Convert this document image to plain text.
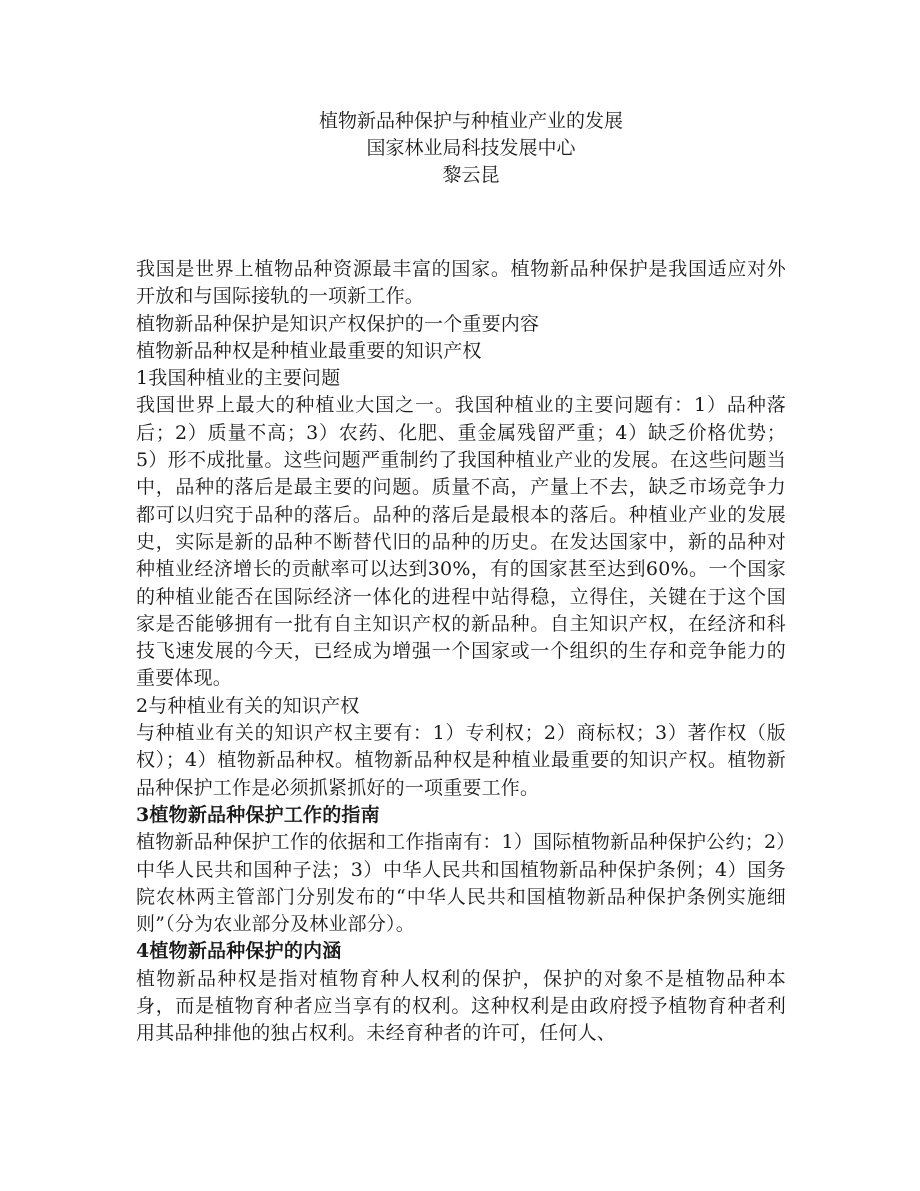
植物新品种保护与种植业产业的发展
国家林业局科技发展中心
黎云昆

我国是世界上植物品种资源最丰富的国家。植物新品种保护是我国适应对外开放和与国际接轨的一项新工作。

植物新品种保护是知识产权保护的一个重要内容

植物新品种权是种植业最重要的知识产权

1我国种植业的主要问题

我国世界上最大的种植业大国之一。我国种植业的主要问题有：1）品种落后；2）质量不高；3）农药、化肥、重金属残留严重；4）缺乏价格优势；5）形不成批量。这些问题严重制约了我国种植业产业的发展。在这些问题当中，品种的落后是最主要的问题。质量不高，产量上不去，缺乏市场竞争力都可以归究于品种的落后。品种的落后是最根本的落后。种植业产业的发展史，实际是新的品种不断替代旧的品种的历史。在发达国家中，新的品种对种植业经济增长的贡献率可以达到30%，有的国家甚至达到60%。一个国家的种植业能否在国际经济一体化的进程中站得稳，立得住，关键在于这个国家是否能够拥有一批有自主知识产权的新品种。自主知识产权，在经济和科技飞速发展的今天，已经成为增强一个国家或一个组织的生存和竞争能力的重要体现。

2与种植业有关的知识产权

与种植业有关的知识产权主要有：1）专利权；2）商标权；3）著作权（版权）；4）植物新品种权。植物新品种权是种植业最重要的知识产权。植物新品种保护工作是必须抓紧抓好的一项重要工作。

3植物新品种保护工作的指南

植物新品种保护工作的依据和工作指南有：1）国际植物新品种保护公约；2）中华人民共和国种子法；3）中华人民共和国植物新品种保护条例；4）国务院农林两主管部门分别发布的“中华人民共和国植物新品种保护条例实施细则”（分为农业部分及林业部分）。

4植物新品种保护的内涵

植物新品种权是指对植物育种人权利的保护，保护的对象不是植物品种本身，而是植物育种者应当享有的权利。这种权利是由政府授予植物育种者利用其品种排他的独占权利。未经育种者的许可，任何人、
